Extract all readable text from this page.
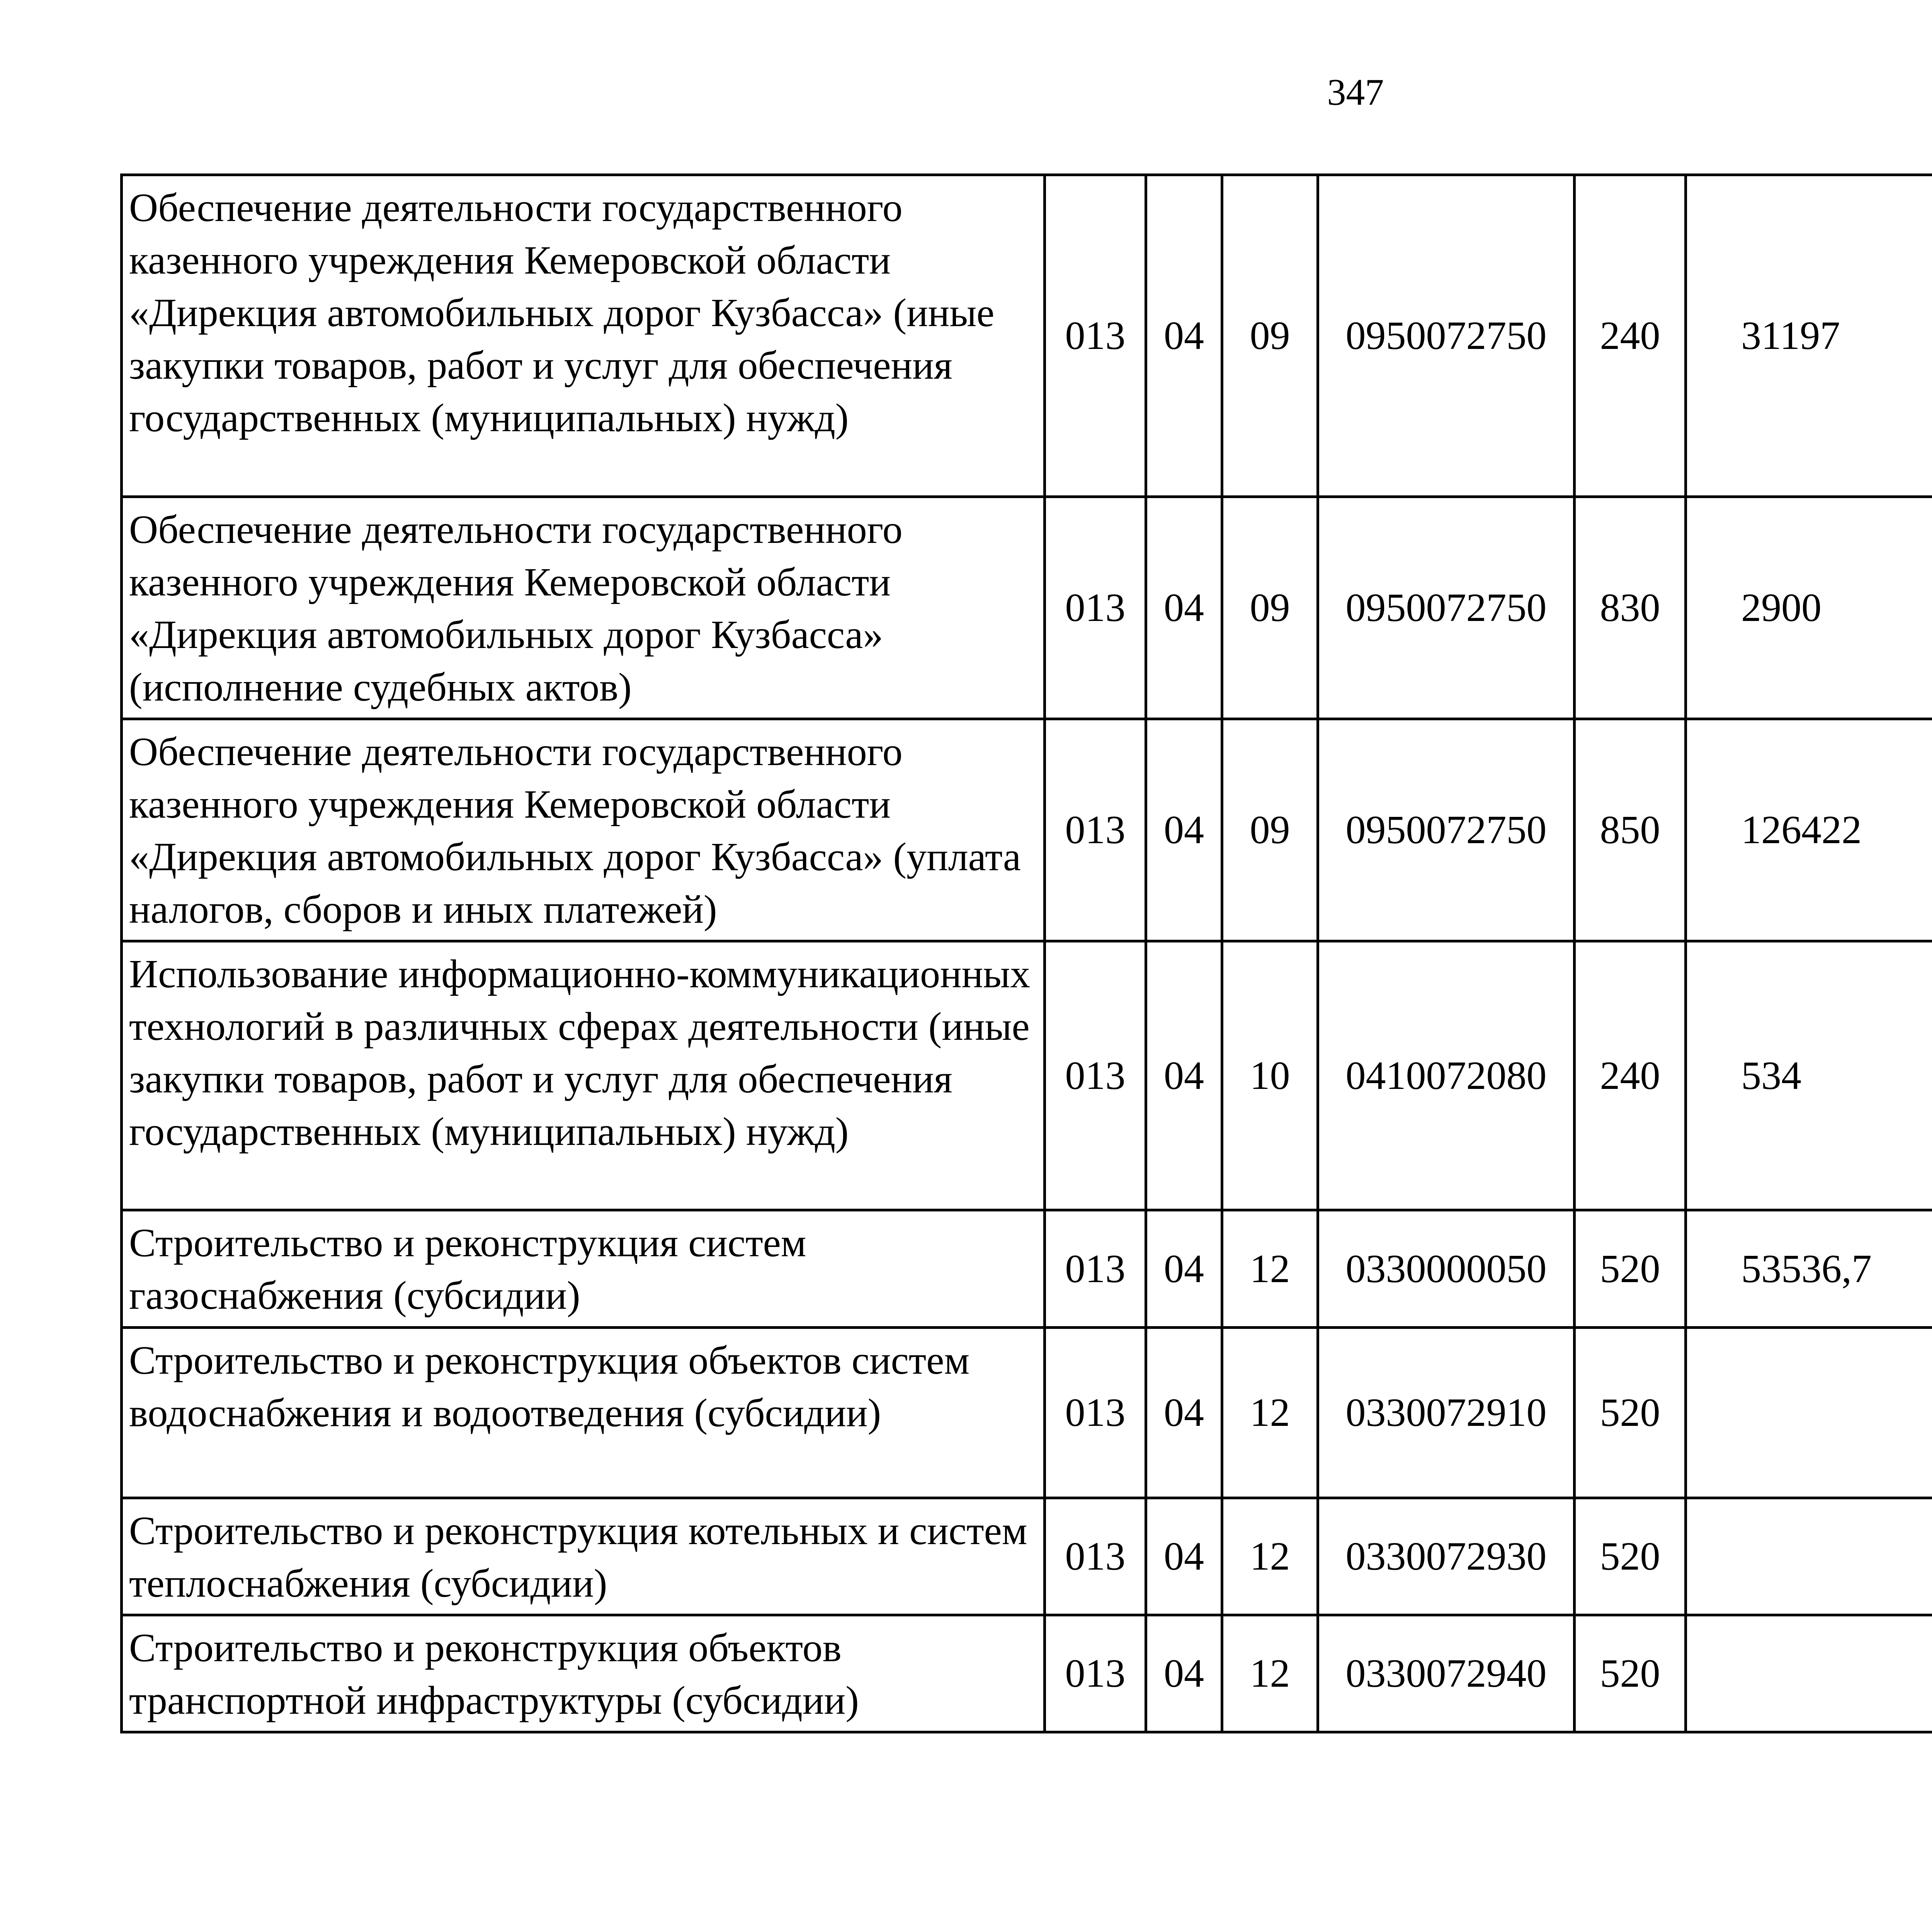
347
Обеспечение деятельности государственного казенного учреждения Кемеровской области «Дирекция автомобильных дорог Кузбасса» (иные закупки товаров, работ и услуг для обеспечения государственных (муниципальных) нужд)	013	04	09	0950072750	240	31197		
Обеспечение деятельности государственного казенного учреждения Кемеровской области «Дирекция автомобильных дорог Кузбасса» (исполнение судебных актов)	013	04	09	0950072750	830	2900		
Обеспечение деятельности государственного казенного учреждения Кемеровской области «Дирекция автомобильных дорог Кузбасса» (уплата налогов, сборов и иных платежей)	013	04	09	0950072750	850	126422		
Использование информационно-коммуникационных технологий в различных сферах деятельности (иные закупки товаров, работ и услуг для обеспечения государственных (муниципальных) нужд)	013	04	10	0410072080	240	534		
Строительство и реконструкция систем газоснабжения (субсидии)	013	04	12	0330000050	520	53536,7		
Строительство и реконструкция объектов систем водоснабжения и водоотведения (субсидии)	013	04	12	0330072910	520			
Строительство и реконструкция котельных и систем теплоснабжения (субсидии)	013	04	12	0330072930	520			
Строительство и реконструкция объектов транспортной инфраструктуры (субсидии)	013	04	12	0330072940	520			
